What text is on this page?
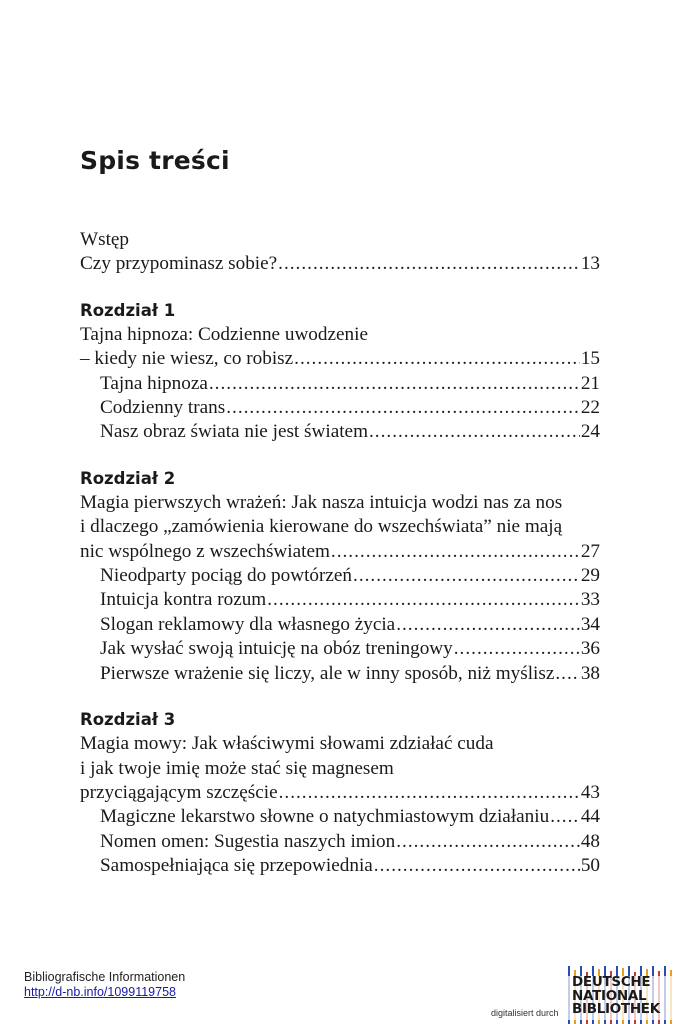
Spis treści
Wstęp
Czy przypominasz sobie? .....	13
Rozdział 1
Tajna hipnoza: Codzienne uwodzenie
– kiedy nie wiesz, co robisz .....	15
Tajna hipnoza .....	21
Codzienny trans .....	22
Nasz obraz świata nie jest światem .....	24
Rozdział 2
Magia pierwszych wrażeń: Jak nasza intuicja wodzi nas za nos
i dlaczego „zamówienia kierowane do wszechświata” nie mają
nic wspólnego z wszechświatem .....	27
Nieodparty pociąg do powtórzeń .....	29
Intuicja kontra rozum .....	33
Slogan reklamowy dla własnego życia .....	34
Jak wysłać swoją intuicję na obóz treningowy .....	36
Pierwsze wrażenie się liczy, ale w inny sposób, niż myślisz ..... 38
Rozdział 3
Magia mowy: Jak właściwymi słowami zdziałać cuda
i jak twoje imię może stać się magnesem
przyciągającym szczęście .....	43
Magiczne lekarstwo słowne o natychmiastowym działaniu ..... 44
Nomen omen: Sugestia naszych imion .....	48
Samospełniająca się przepowiednia .....	50
Bibliografische Informationen
http://d-nb.info/1099119758
digitalisiert durch
DEUTSCHE
NATIONAL
BIBLIOTHEK
